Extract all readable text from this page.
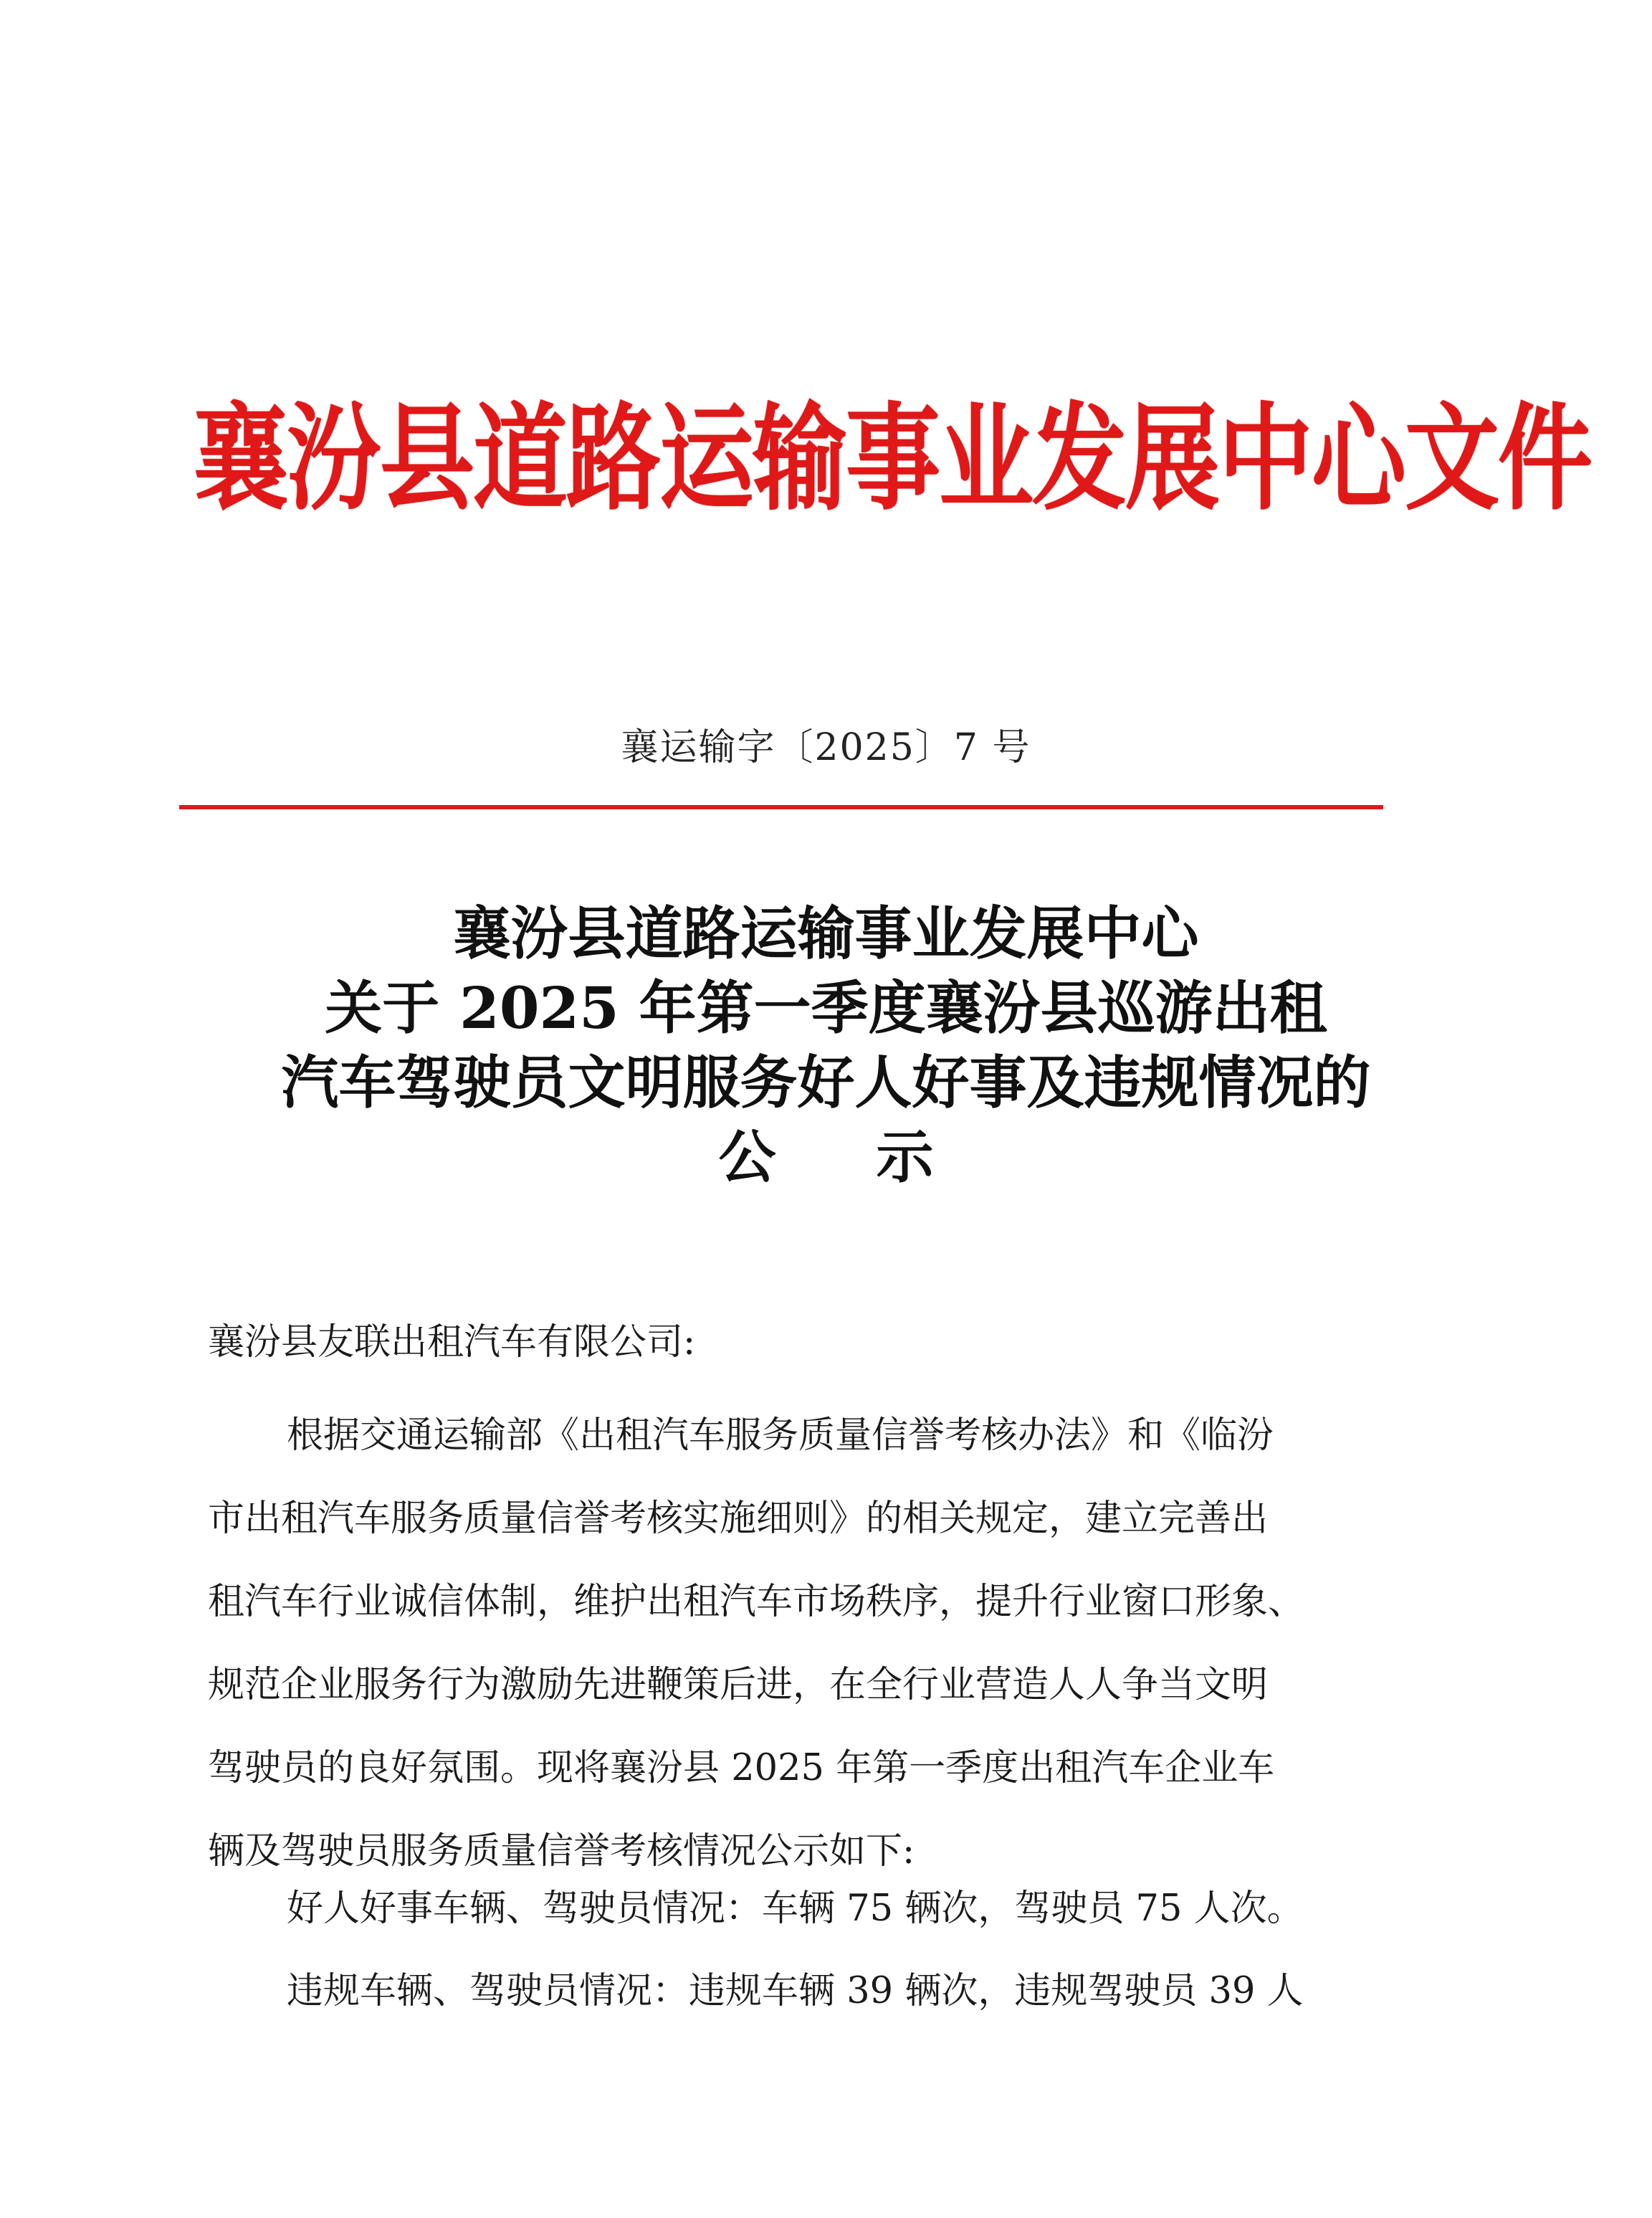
襄汾县道路运输事业发展中心文件
襄运输字〔2025〕7 号
襄汾县道路运输事业发展中心
关于 2025 年第一季度襄汾县巡游出租
汽车驾驶员文明服务好人好事及违规情况的
公示
襄汾县友联出租汽车有限公司:
根据交通运输部《出租汽车服务质量信誉考核办法》和《临汾
市出租汽车服务质量信誉考核实施细则》的相关规定，建立完善出
租汽车行业诚信体制，维护出租汽车市场秩序，提升行业窗口形象、
规范企业服务行为激励先进鞭策后进，在全行业营造人人争当文明
驾驶员的良好氛围。现将襄汾县 2025 年第一季度出租汽车企业车
辆及驾驶员服务质量信誉考核情况公示如下:
好人好事车辆、驾驶员情况：车辆 75 辆次，驾驶员 75 人次。
违规车辆、驾驶员情况：违规车辆 39 辆次，违规驾驶员 39 人
